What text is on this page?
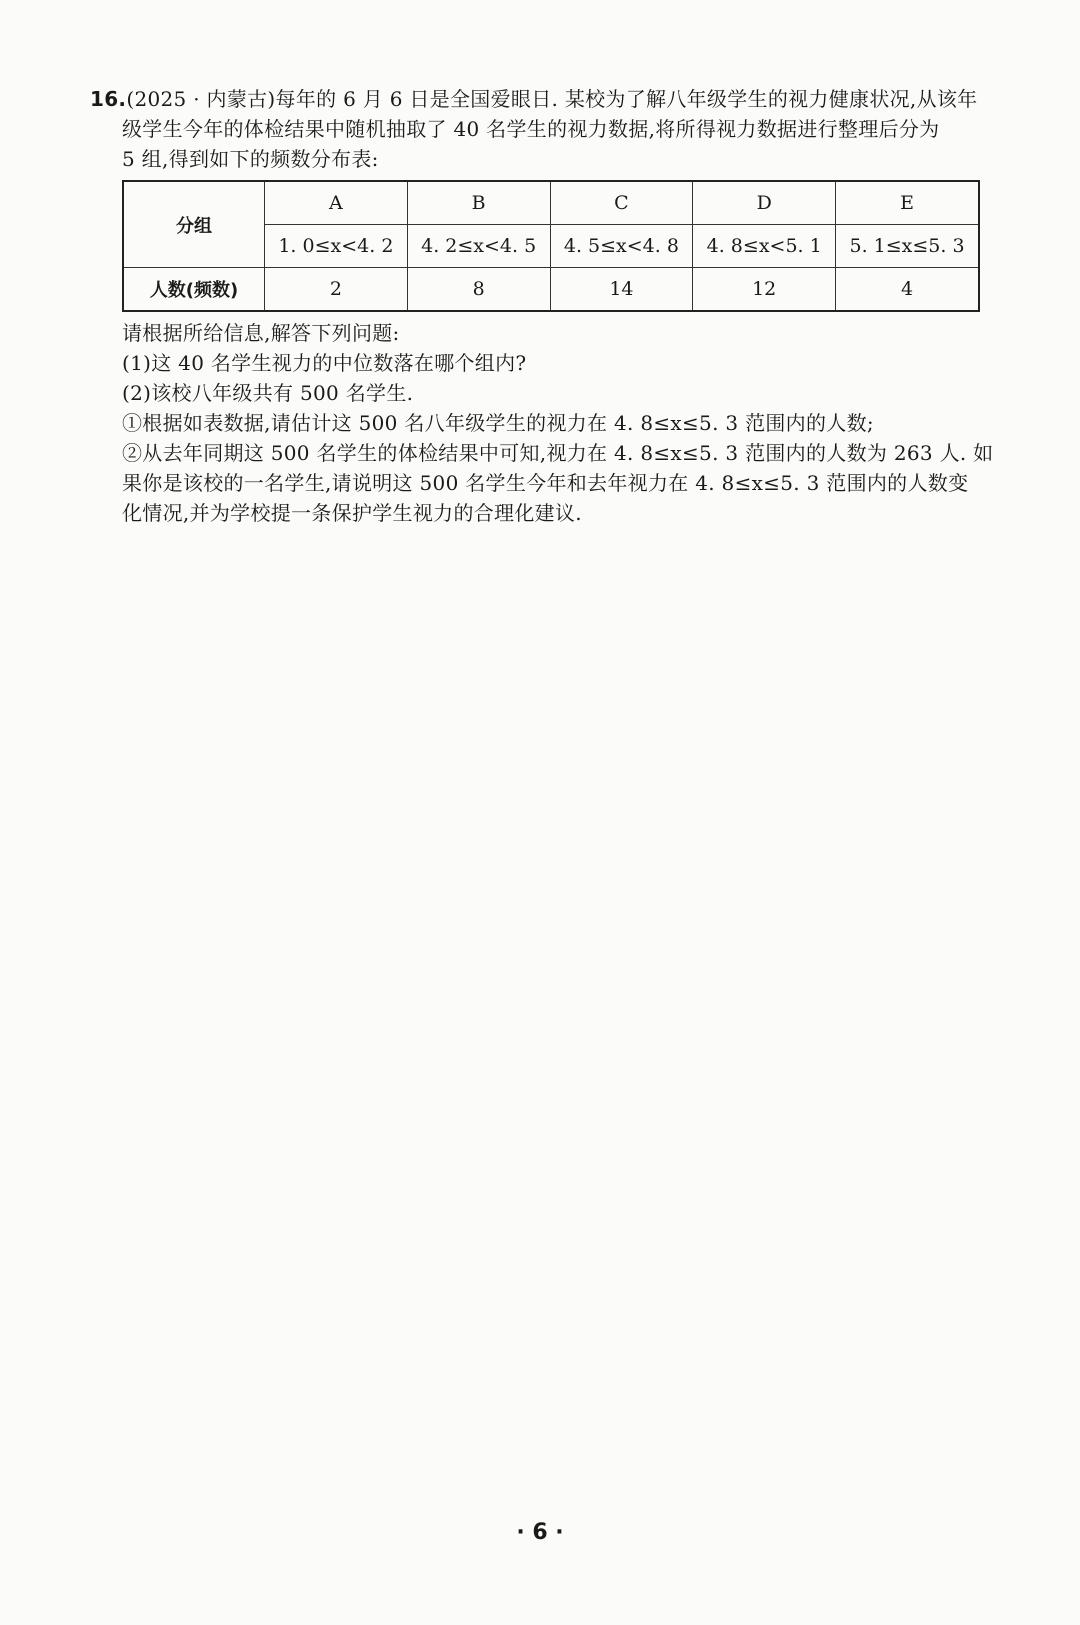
16.(2025 · 内蒙古)每年的 6 月 6 日是全国爱眼日. 某校为了解八年级学生的视力健康状况,从该年
级学生今年的体检结果中随机抽取了 40 名学生的视力数据,将所得视力数据进行整理后分为
5 组,得到如下的频数分布表:
分组	A	B	C	D	E
	1. 0≤x<4. 2	4. 2≤x<4. 5	4. 5≤x<4. 8	4. 8≤x<5. 1	5. 1≤x≤5. 3
人数(频数)	2	8	14	12	4
请根据所给信息,解答下列问题:
(1)这 40 名学生视力的中位数落在哪个组内?
(2)该校八年级共有 500 名学生.
①根据如表数据,请估计这 500 名八年级学生的视力在 4. 8≤x≤5. 3 范围内的人数;
②从去年同期这 500 名学生的体检结果中可知,视力在 4. 8≤x≤5. 3 范围内的人数为 263 人. 如
果你是该校的一名学生,请说明这 500 名学生今年和去年视力在 4. 8≤x≤5. 3 范围内的人数变
化情况,并为学校提一条保护学生视力的合理化建议.
· 6 ·
